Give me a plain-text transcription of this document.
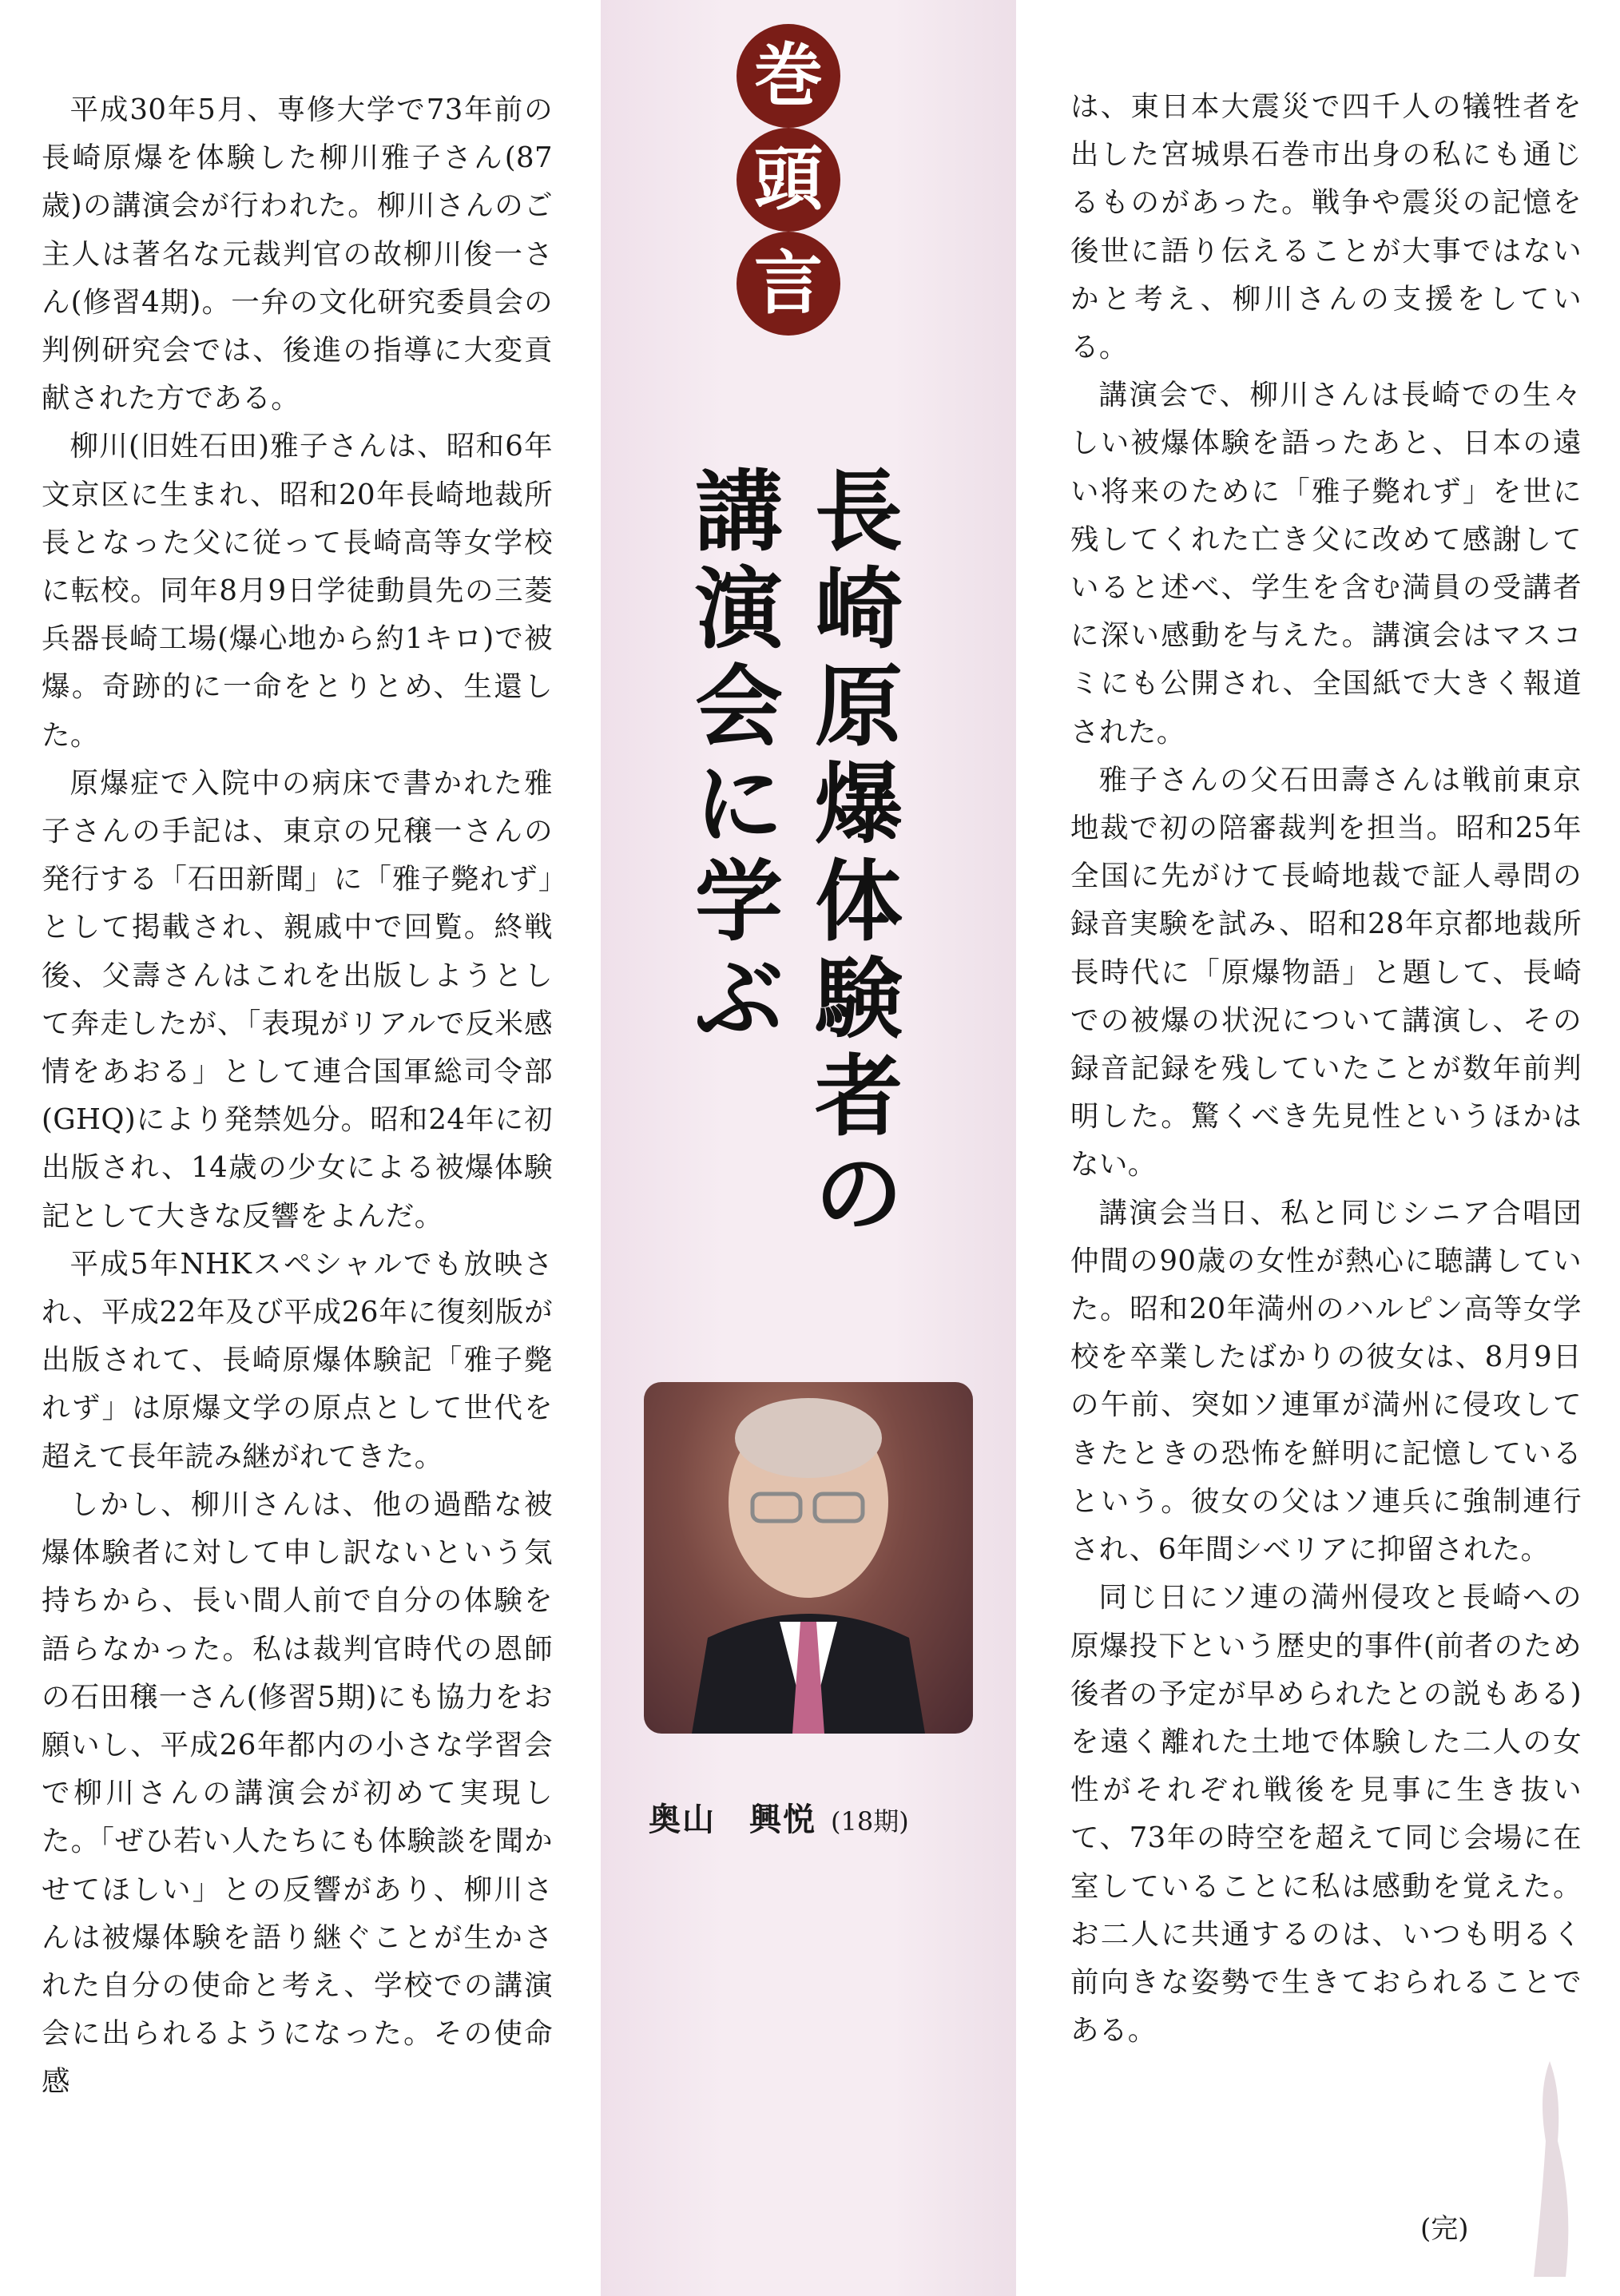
巻
頭
言
長崎原爆体験者の
講演会に学ぶ
奥山　興悦 (18期)

平成30年5月、専修大学で73年前の長崎原爆を体験した柳川雅子さん(87歳)の講演会が行われた。柳川さんのご主人は著名な元裁判官の故柳川俊一さん(修習4期)。一弁の文化研究委員会の判例研究会では、後進の指導に大変貢献された方である。

柳川(旧姓石田)雅子さんは、昭和6年文京区に生まれ、昭和20年長崎地裁所長となった父に従って長崎高等女学校に転校。同年8月9日学徒動員先の三菱兵器長崎工場(爆心地から約1キロ)で被爆。奇跡的に一命をとりとめ、生還した。

原爆症で入院中の病床で書かれた雅子さんの手記は、東京の兄穣一さんの発行する「石田新聞」に「雅子斃れず」として掲載され、親戚中で回覧。終戦後、父壽さんはこれを出版しようとして奔走したが、「表現がリアルで反米感情をあおる」として連合国軍総司令部(GHQ)により発禁処分。昭和24年に初出版され、14歳の少女による被爆体験記として大きな反響をよんだ。

平成5年NHKスペシャルでも放映され、平成22年及び平成26年に復刻版が出版されて、長崎原爆体験記「雅子斃れず」は原爆文学の原点として世代を超えて長年読み継がれてきた。

しかし、柳川さんは、他の過酷な被爆体験者に対して申し訳ないという気持ちから、長い間人前で自分の体験を語らなかった。私は裁判官時代の恩師の石田穣一さん(修習5期)にも協力をお願いし、平成26年都内の小さな学習会で柳川さんの講演会が初めて実現した。「ぜひ若い人たちにも体験談を聞かせてほしい」との反響があり、柳川さんは被爆体験を語り継ぐことが生かされた自分の使命と考え、学校での講演会に出られるようになった。その使命感

は、東日本大震災で四千人の犠牲者を出した宮城県石巻市出身の私にも通じるものがあった。戦争や震災の記憶を後世に語り伝えることが大事ではないかと考え、柳川さんの支援をしている。

講演会で、柳川さんは長崎での生々しい被爆体験を語ったあと、日本の遠い将来のために「雅子斃れず」を世に残してくれた亡き父に改めて感謝していると述べ、学生を含む満員の受講者に深い感動を与えた。講演会はマスコミにも公開され、全国紙で大きく報道された。

雅子さんの父石田壽さんは戦前東京地裁で初の陪審裁判を担当。昭和25年全国に先がけて長崎地裁で証人尋問の録音実験を試み、昭和28年京都地裁所長時代に「原爆物語」と題して、長崎での被爆の状況について講演し、その録音記録を残していたことが数年前判明した。驚くべき先見性というほかはない。

講演会当日、私と同じシニア合唱団仲間の90歳の女性が熱心に聴講していた。昭和20年満州のハルピン高等女学校を卒業したばかりの彼女は、8月9日の午前、突如ソ連軍が満州に侵攻してきたときの恐怖を鮮明に記憶しているという。彼女の父はソ連兵に強制連行され、6年間シベリアに抑留された。

同じ日にソ連の満州侵攻と長崎への原爆投下という歴史的事件(前者のため後者の予定が早められたとの説もある)を遠く離れた土地で体験した二人の女性がそれぞれ戦後を見事に生き抜いて、73年の時空を超えて同じ会場に在室していることに私は感動を覚えた。お二人に共通するのは、いつも明るく前向きな姿勢で生きておられることである。

(完)
